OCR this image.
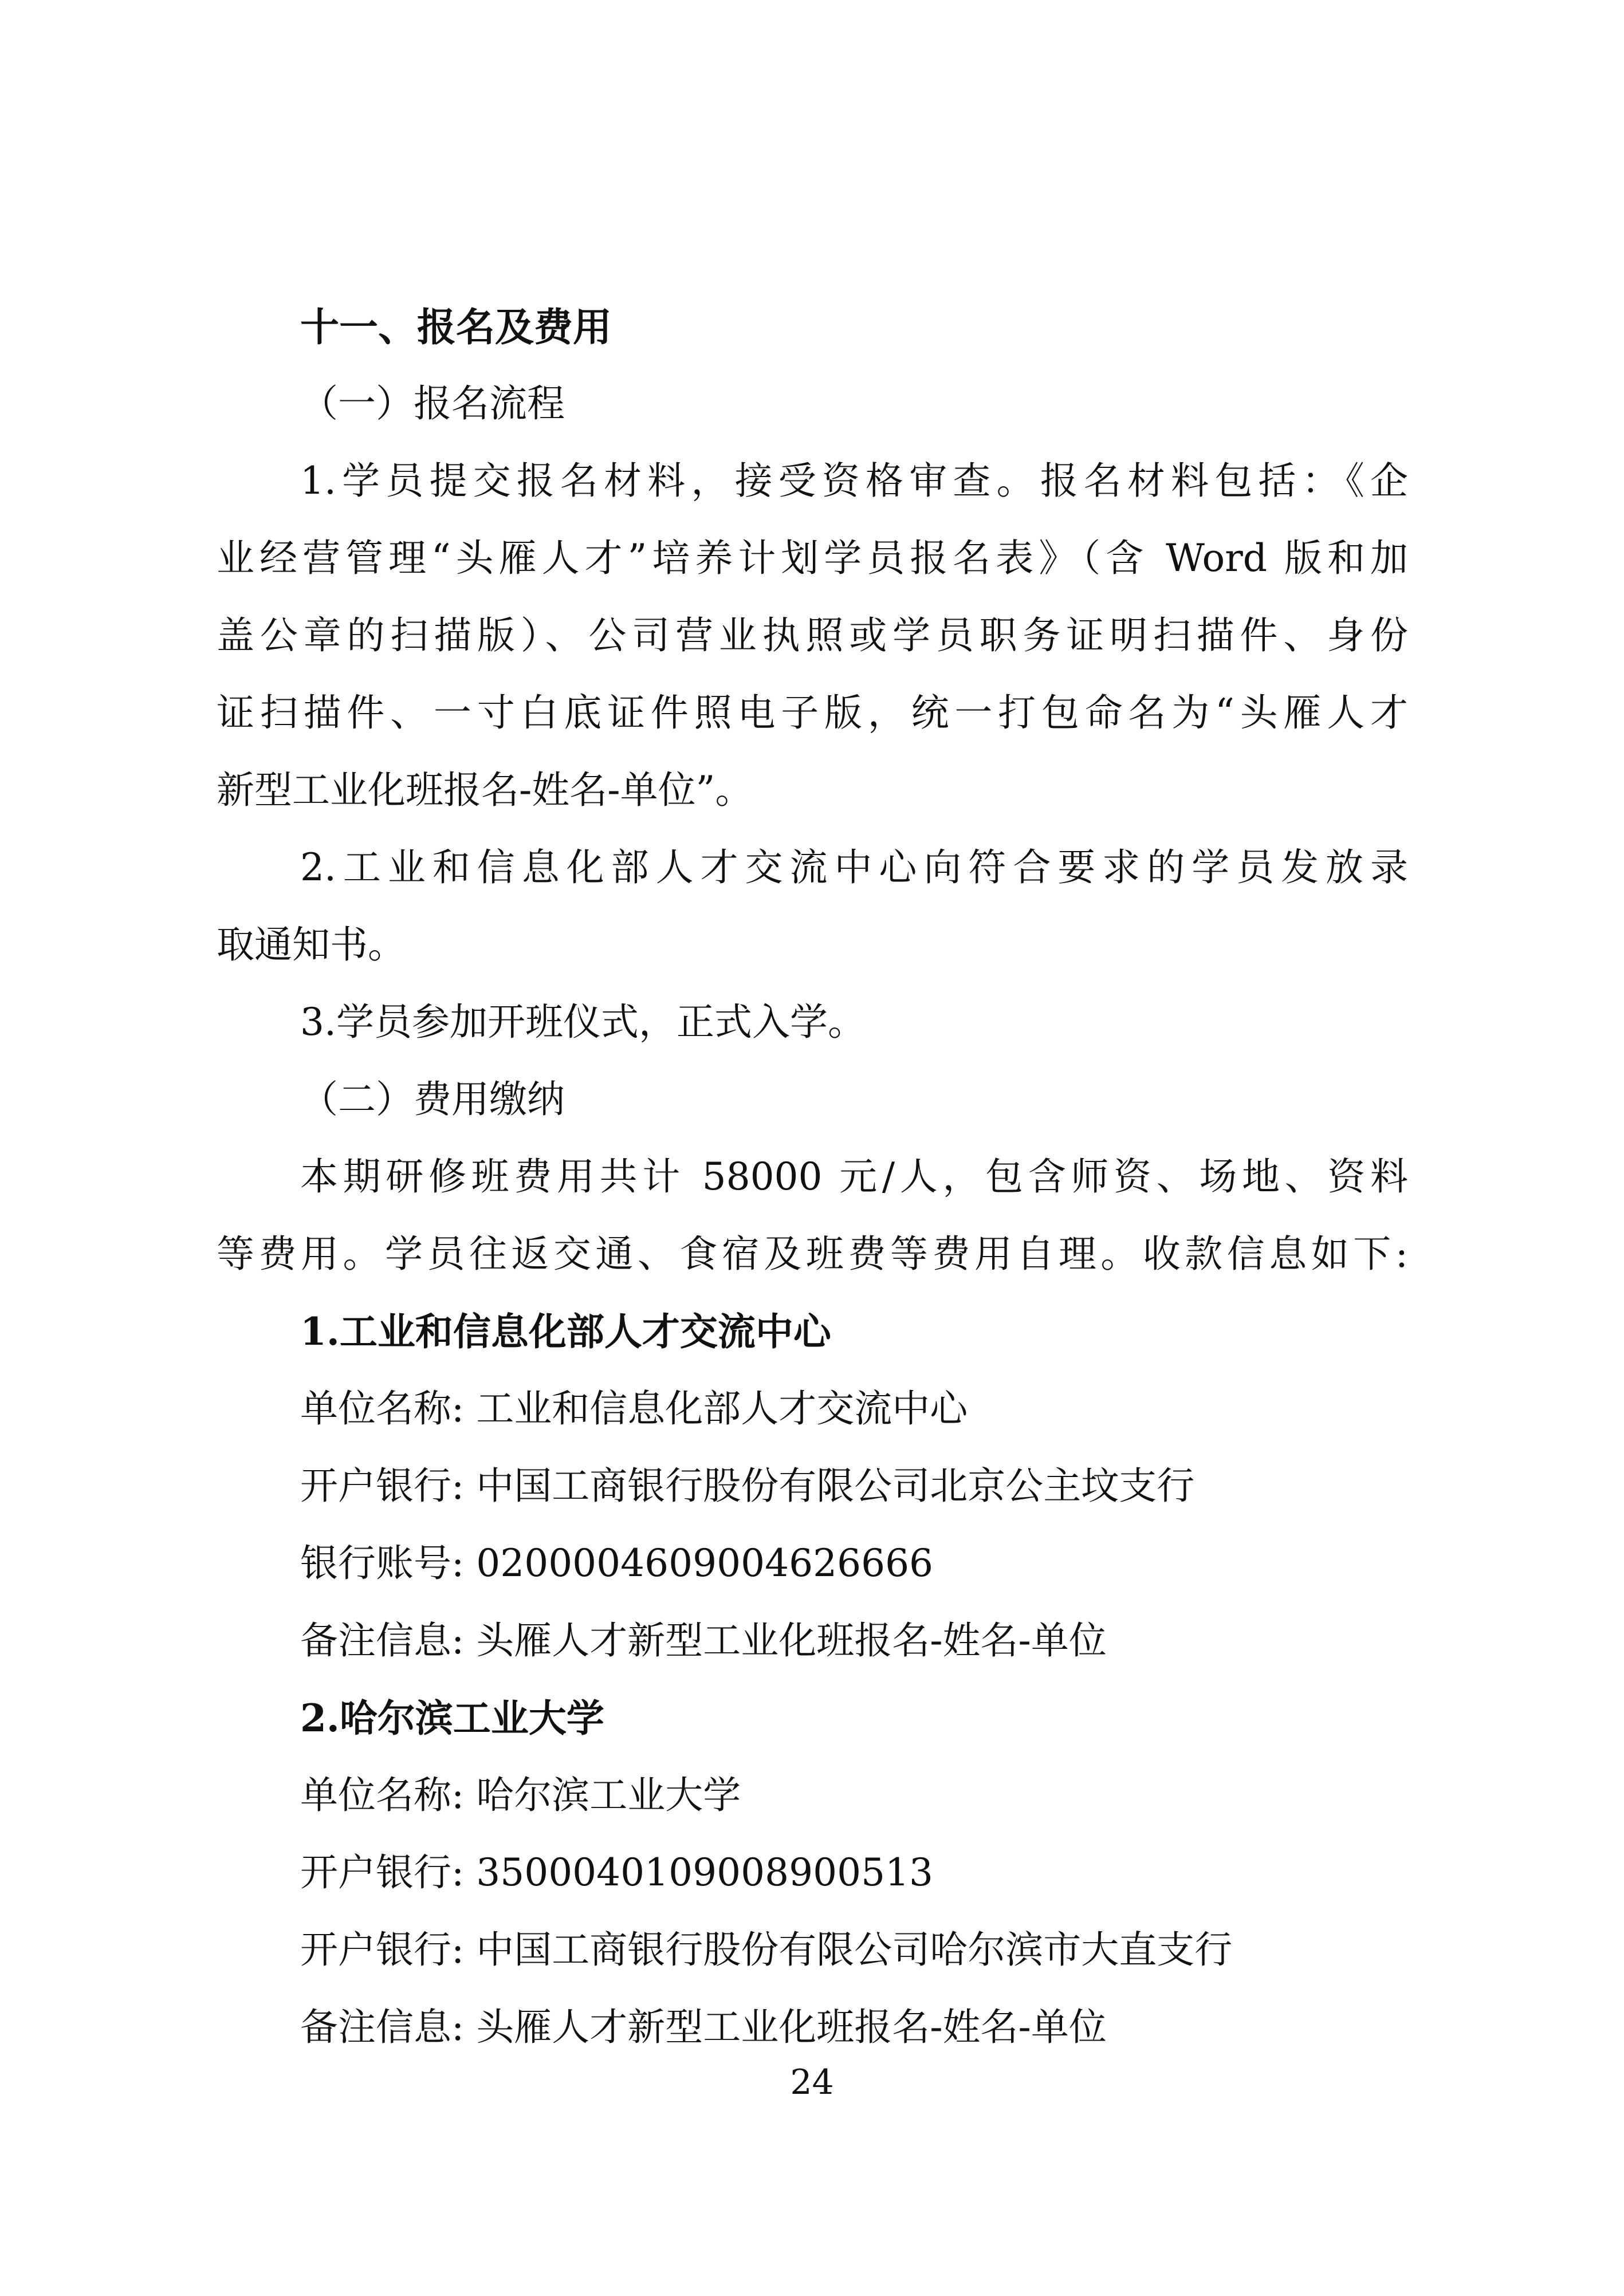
十一、报名及费用
（一）报名流程
1.学员提交报名材料，接受资格审查。报名材料包括：《企
业经营管理“头雁人才”培养计划学员报名表》（含 Word 版和加
盖公章的扫描版）、公司营业执照或学员职务证明扫描件、身份
证扫描件、一寸白底证件照电子版，统一打包命名为“头雁人才
新型工业化班报名-姓名-单位”。
2.工业和信息化部人才交流中心向符合要求的学员发放录
取通知书。
3.学员参加开班仪式，正式入学。
（二）费用缴纳
本期研修班费用共计 58000 元/人，包含师资、场地、资料
等费用。学员往返交通、食宿及班费等费用自理。收款信息如下:
1.工业和信息化部人才交流中心
单位名称: 工业和信息化部人才交流中心
开户银行: 中国工商银行股份有限公司北京公主坟支行
银行账号: 0200004609004626666
备注信息: 头雁人才新型工业化班报名-姓名-单位
2.哈尔滨工业大学
单位名称: 哈尔滨工业大学
开户银行: 3500040109008900513
开户银行: 中国工商银行股份有限公司哈尔滨市大直支行
备注信息: 头雁人才新型工业化班报名-姓名-单位
24
